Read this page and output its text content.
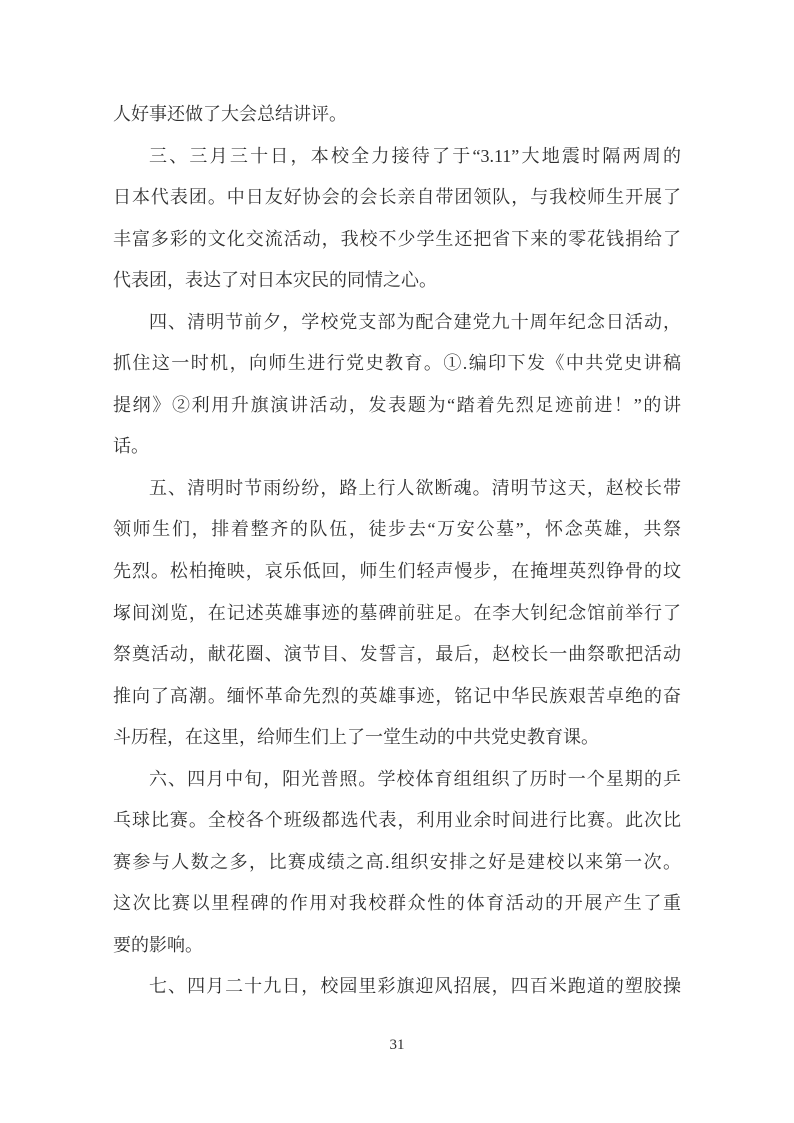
人好事还做了大会总结讲评。
三、三月三十日，本校全力接待了于“3.11”大地震时隔两周的
日本代表团。中日友好协会的会长亲自带团领队，与我校师生开展了
丰富多彩的文化交流活动，我校不少学生还把省下来的零花钱捐给了
代表团，表达了对日本灾民的同情之心。
四、清明节前夕，学校党支部为配合建党九十周年纪念日活动，
抓住这一时机，向师生进行党史教育。①.编印下发《中共党史讲稿
提纲》②利用升旗演讲活动，发表题为“踏着先烈足迹前进！”的讲
话。
五、清明时节雨纷纷，路上行人欲断魂。清明节这天，赵校长带
领师生们，排着整齐的队伍，徒步去“万安公墓”，怀念英雄，共祭
先烈。松柏掩映，哀乐低回，师生们轻声慢步，在掩埋英烈铮骨的坟
塚间浏览，在记述英雄事迹的墓碑前驻足。在李大钊纪念馆前举行了
祭奠活动，献花圈、演节目、发誓言，最后，赵校长一曲祭歌把活动
推向了高潮。缅怀革命先烈的英雄事迹，铭记中华民族艰苦卓绝的奋
斗历程，在这里，给师生们上了一堂生动的中共党史教育课。
六、四月中旬，阳光普照。学校体育组组织了历时一个星期的乒
乓球比赛。全校各个班级都选代表，利用业余时间进行比赛。此次比
赛参与人数之多，比赛成绩之高.组织安排之好是建校以来第一次。
这次比赛以里程碑的作用对我校群众性的体育活动的开展产生了重
要的影响。
七、四月二十九日，校园里彩旗迎风招展，四百米跑道的塑胶操
31
